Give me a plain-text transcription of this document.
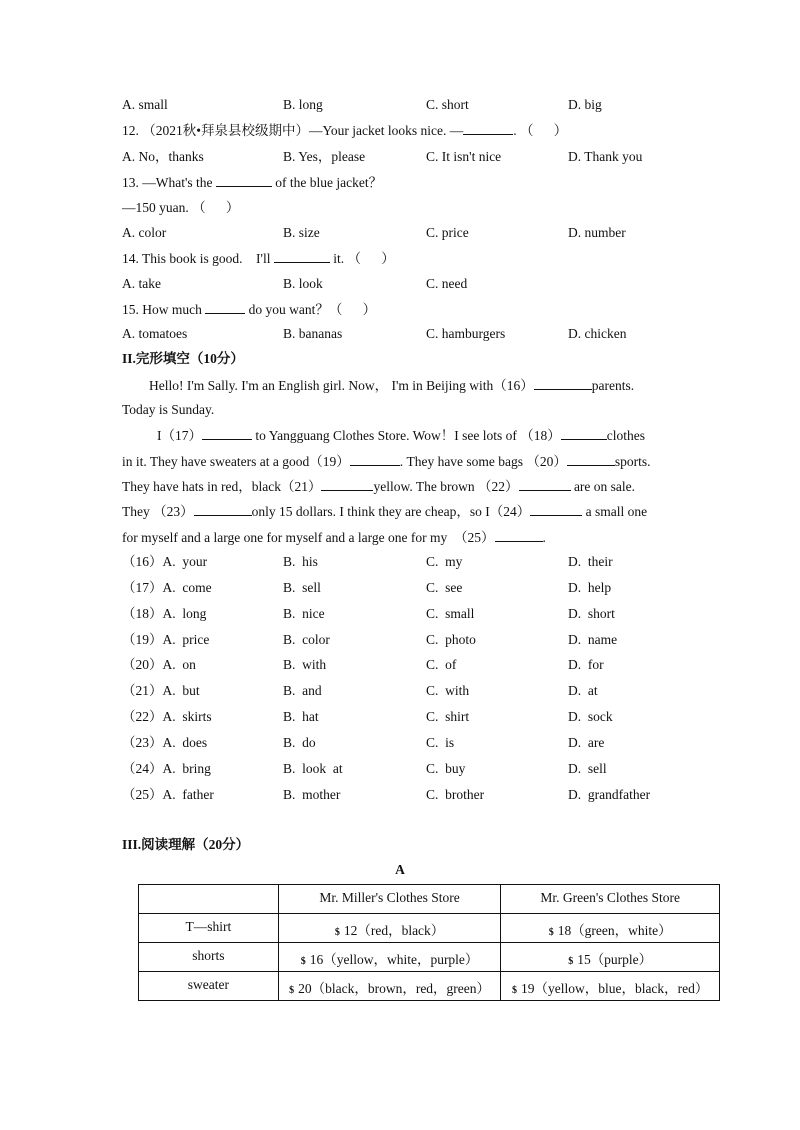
A. small	B. long	C. short	D. big
12. （2021秋•拜泉县校级期中）—Your jacket looks nice. —	. （      ）
A. No，thanks	B. Yes，please	C. It isn't nice	D. Thank you
13. —What's the	of the blue jacket？
—150 yuan. （      ）
A. color	B. size	C. price	D. number
14. This book is good.    I'll	it. （      ）
A. take	B. look	C. need
15. How much	do you want？（      ）
A. tomatoes	B. bananas	C. hamburgers	D. chicken
II.完形填空（10分）
Hello! I'm Sally. I'm an English girl. Now， I'm in Beijing with（16）	parents.
Today is Sunday.
I（17）	to Yangguang Clothes Store. Wow！I see lots of （18）	clothes
in it. They have sweaters at a good（19）	. They have some bags （20）	sports.
They have hats in red，black（21）	yellow. The brown （22）	are on sale.
They （23）	only 15 dollars. I think they are cheap，so I（24）	a small one
for myself and a large one for myself and a large one for my  （25）	.
（16）A.  your	B.  his	C.  my	D.  their
（17）A.  come	B.  sell	C.  see	D.  help
（18）A.  long	B.  nice	C.  small	D.  short
（19）A.  price	B.  color	C.  photo	D.  name
（20）A.  on	B.  with	C.  of	D.  for
（21）A.  but	B.  and	C.  with	D.  at
（22）A.  skirts	B.  hat	C.  shirt	D.  sock
（23）A.  does	B.  do	C.  is	D.  are
（24）A.  bring	B.  look  at	C.  buy	D.  sell
（25）A.  father	B.  mother	C.  brother	D.  grandfather
III.阅读理解（20分）
A
	Mr. Miller's Clothes Store	Mr. Green's Clothes Store
T—shirt	$ 12（red，black）	$ 18（green，white）
shorts	$ 16（yellow，white，purple）	$ 15（purple）
sweater	$ 20（black，brown，red，green）	$ 19（yellow，blue，black，red）
